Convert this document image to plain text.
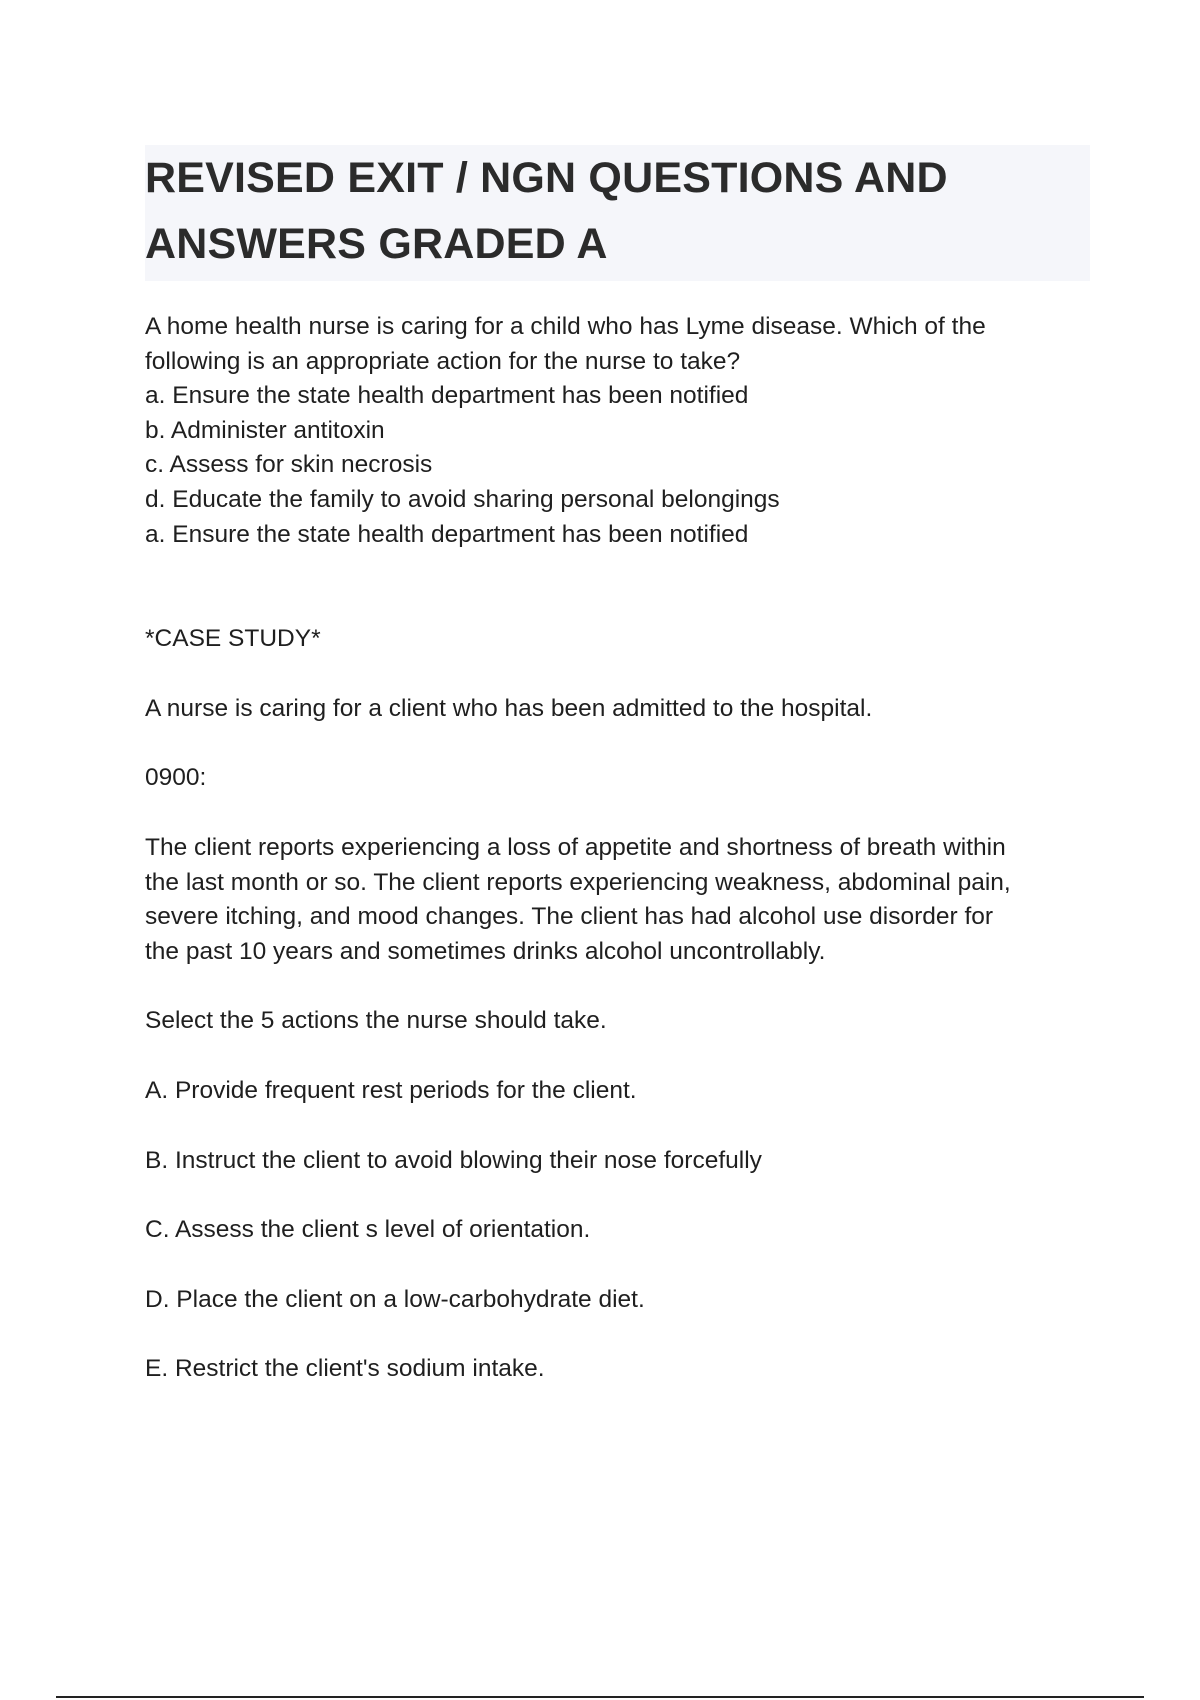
REVISED EXIT / NGN QUESTIONS AND
ANSWERS GRADED A
A home health nurse is caring for a child who has Lyme disease. Which of the
following is an appropriate action for the nurse to take?
a. Ensure the state health department has been notified
b. Administer antitoxin
c. Assess for skin necrosis
d. Educate the family to avoid sharing personal belongings
a. Ensure the state health department has been notified
*CASE STUDY*
A nurse is caring for a client who has been admitted to the hospital.
0900:
The client reports experiencing a loss of appetite and shortness of breath within
the last month or so. The client reports experiencing weakness, abdominal pain,
severe itching, and mood changes. The client has had alcohol use disorder for
the past 10 years and sometimes drinks alcohol uncontrollably.
Select the 5 actions the nurse should take.
A. Provide frequent rest periods for the client.
B. Instruct the client to avoid blowing their nose forcefully
C. Assess the client s level of orientation.
D. Place the client on a low-carbohydrate diet.
E. Restrict the client's sodium intake.
